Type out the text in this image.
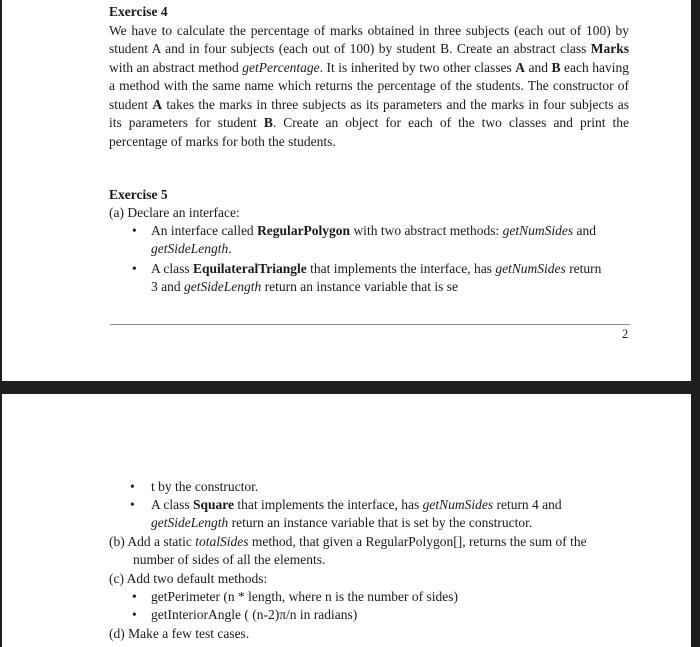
Exercise 4

We have to calculate the percentage of marks obtained in three subjects (each out of 100) by student A and in four subjects (each out of 100) by student B. Create an abstract class Marks with an abstract method getPercentage. It is inherited by two other classes A and B each having a method with the same name which returns the percentage of the students. The constructor of student A takes the marks in three subjects as its parameters and the marks in four subjects as its parameters for student B. Create an object for each of the two classes and print the percentage of marks for both the students.

Exercise 5
(a) Declare an interface:
• An interface called RegularPolygon with two abstract methods: getNumSides and
getSideLength.
• A class EquilateralTriangle that implements the interface, has getNumSides return
3 and getSideLength return an instance variable that is se
2
• t by the constructor.
• A class Square that implements the interface, has getNumSides return 4 and
getSideLength return an instance variable that is set by the constructor.
(b) Add a static totalSides method, that given a RegularPolygon[], returns the sum of the
number of sides of all the elements.
(c) Add two default methods:
• getPerimeter (n * length, where n is the number of sides)
• getInteriorAngle ( (n-2)π/n in radians)
(d) Make a few test cases.
